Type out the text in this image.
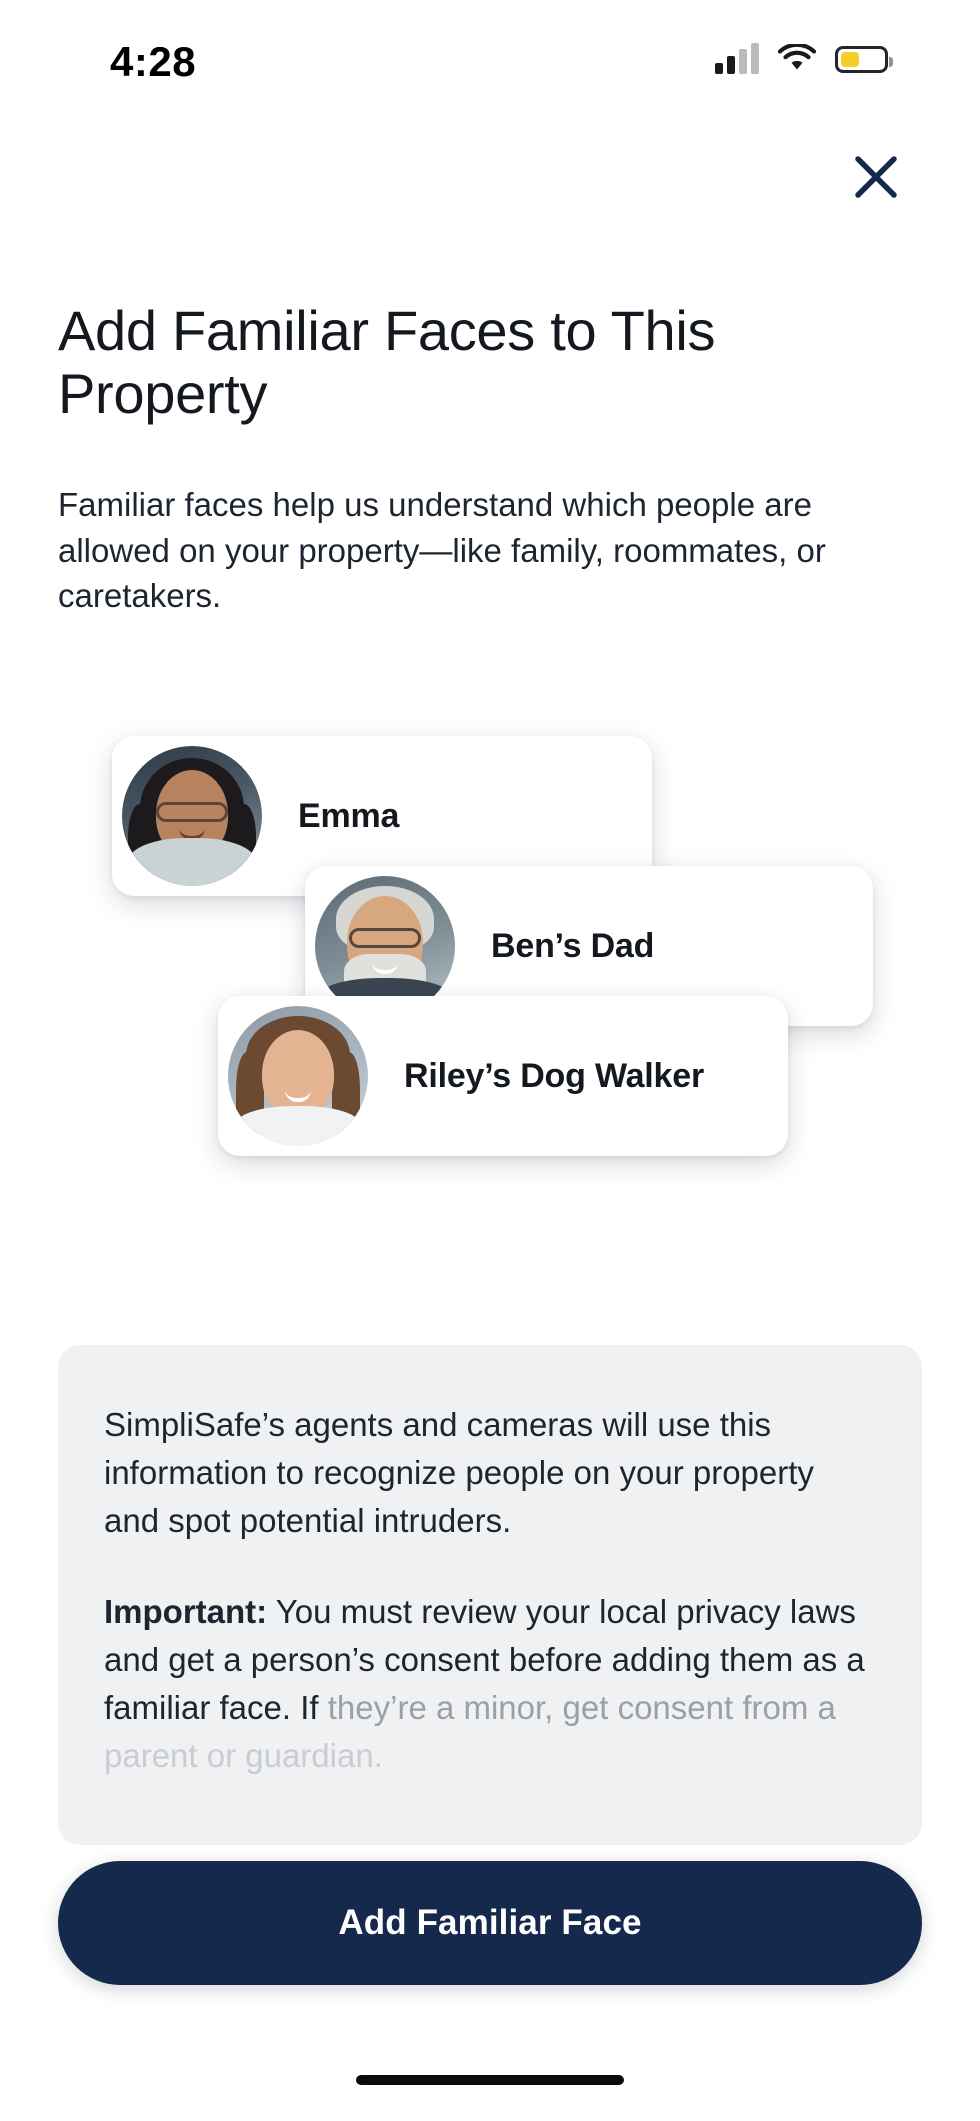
4:28
Add Familiar Faces to This Property

Familiar faces help us understand which people are allowed on your property—like family, roommates, or caretakers.

Emma
Ben’s Dad
Riley’s Dog Walker

SimpliSafe’s agents and cameras will use this information to recognize people on your property and spot potential intruders.

Important: You must review your local privacy laws and get a person’s consent before adding them as a familiar face. If they’re a minor, get consent from a parent or guardian.

Add Familiar Face
